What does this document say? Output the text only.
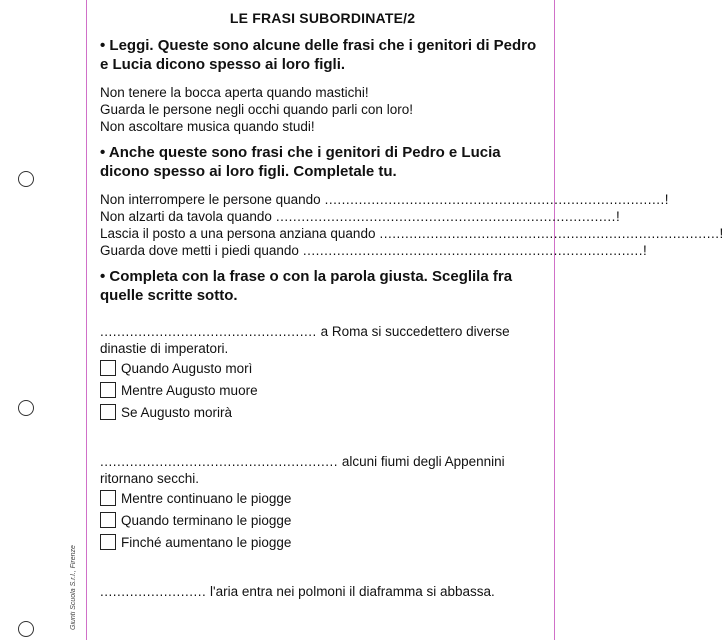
Giunti Scuola S.r.l., Firenze
LE FRASI SUBORDINATE/2

• Leggi. Queste sono alcune delle frasi che i genitori di Pedro e Lucia dicono spesso ai loro figli.

Non tenere la bocca aperta quando mastichi!
Guarda le persone negli occhi quando parli con loro!
Non ascoltare musica quando studi!

• Anche queste sono frasi che i genitori di Pedro e Lucia dicono spesso ai loro figli. Completale tu.

Non interrompere le persone quando ................................................................................ !
Non alzarti da tavola quando ................................................................................ !
Lascia il posto a una persona anziana quando ................................................................................ !
Guarda dove metti i piedi quando ................................................................................ !

• Completa con la frase o con la parola giusta. Sceglila fra quelle scritte sotto.

................................................... a Roma si succedettero diverse dinastie di imperatori.

Quando Augusto morì
Mentre Augusto muore
Se Augusto morirà

........................................................ alcuni fiumi degli Appennini ritornano secchi.

Mentre continuano le piogge
Quando terminano le piogge
Finché aumentano le piogge

......................... l'aria entra nei polmoni il diaframma si abbassa.
